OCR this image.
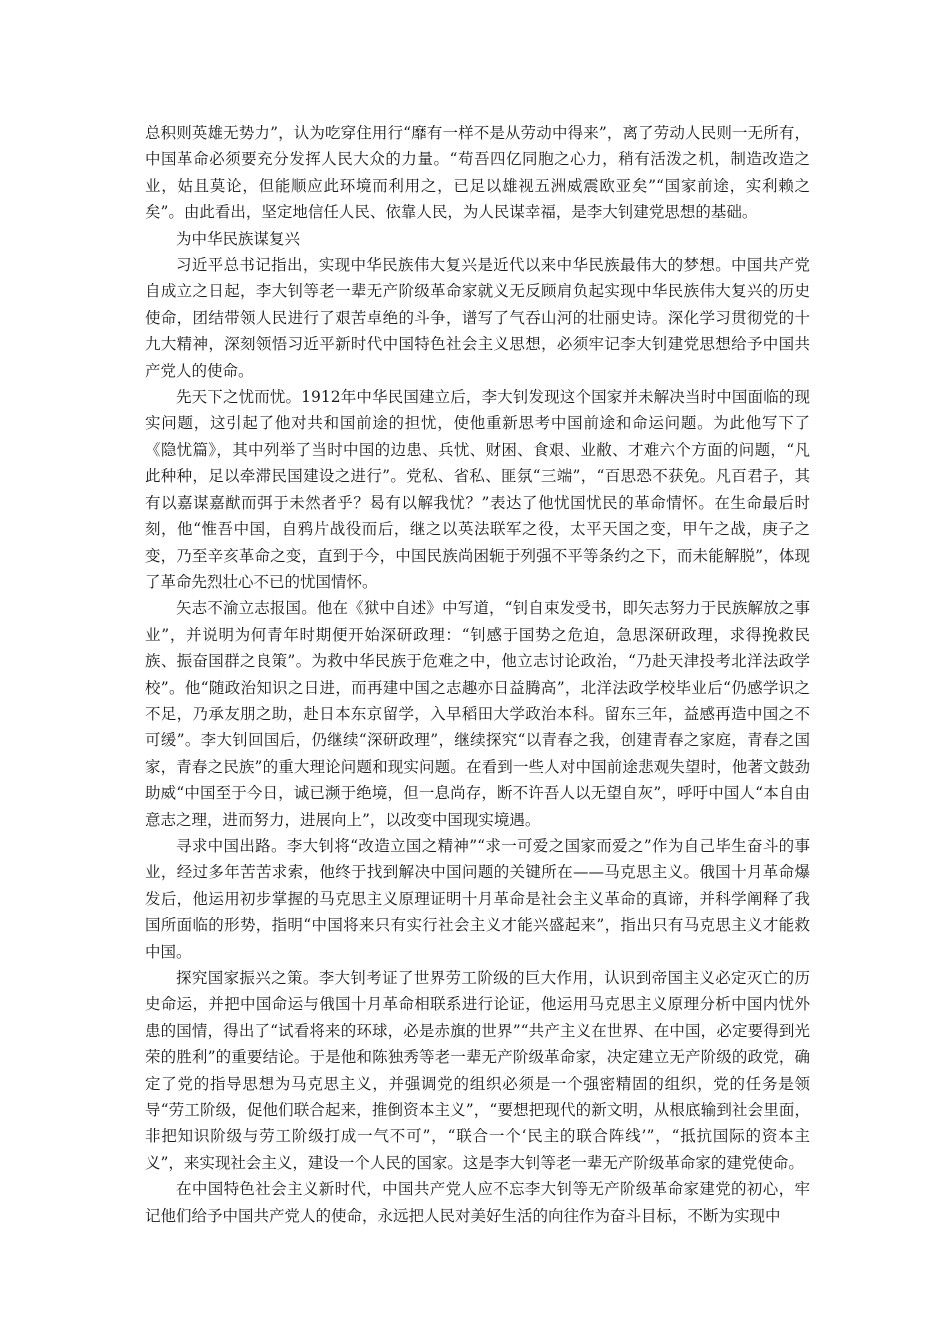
总积则英雄无势力”，认为吃穿住用行“靡有一样不是从劳动中得来”，离了劳动人民则一无所有，中国革命必须要充分发挥人民大众的力量。“苟吾四亿同胞之心力，稍有活泼之机，制造改造之业，姑且莫论，但能顺应此环境而利用之，已足以雄视五洲威震欧亚矣”“国家前途，实利赖之矣”。由此看出，坚定地信任人民、依靠人民，为人民谋幸福，是李大钊建党思想的基础。

为中华民族谋复兴

习近平总书记指出，实现中华民族伟大复兴是近代以来中华民族最伟大的梦想。中国共产党自成立之日起，李大钊等老一辈无产阶级革命家就义无反顾肩负起实现中华民族伟大复兴的历史使命，团结带领人民进行了艰苦卓绝的斗争，谱写了气吞山河的壮丽史诗。深化学习贯彻党的十九大精神，深刻领悟习近平新时代中国特色社会主义思想，必须牢记李大钊建党思想给予中国共产党人的使命。

先天下之忧而忧。1912年中华民国建立后，李大钊发现这个国家并未解决当时中国面临的现实问题，这引起了他对共和国前途的担忧，使他重新思考中国前途和命运问题。为此他写下了《隐忧篇》，其中列举了当时中国的边患、兵忧、财困、食艰、业敝、才难六个方面的问题，“凡此种种，足以牵滞民国建设之进行”。党私、省私、匪氛“三端”，“百思恐不获免。凡百君子，其有以嘉谋嘉猷而弭于未然者乎？曷有以解我忧？”表达了他忧国忧民的革命情怀。在生命最后时刻，他“惟吾中国，自鸦片战役而后，继之以英法联军之役，太平天国之变，甲午之战，庚子之变，乃至辛亥革命之变，直到于今，中国民族尚困轭于列强不平等条约之下，而未能解脱”，体现了革命先烈壮心不已的忧国情怀。

矢志不渝立志报国。他在《狱中自述》中写道，“钊自束发受书，即矢志努力于民族解放之事业”，并说明为何青年时期便开始深研政理：“钊感于国势之危迫，急思深研政理，求得挽救民族、振奋国群之良策”。为救中华民族于危难之中，他立志讨论政治，“乃赴天津投考北洋法政学校”。他“随政治知识之日进，而再建中国之志趣亦日益腾高”，北洋法政学校毕业后“仍感学识之不足，乃承友朋之助，赴日本东京留学，入早稻田大学政治本科。留东三年，益感再造中国之不可缓”。李大钊回国后，仍继续“深研政理”，继续探究“以青春之我，创建青春之家庭，青春之国家，青春之民族”的重大理论问题和现实问题。在看到一些人对中国前途悲观失望时，他著文鼓劲助威“中国至于今日，诚已濒于绝境，但一息尚存，断不许吾人以无望自灰”，呼吁中国人“本自由意志之理，进而努力，进展向上”，以改变中国现实境遇。

寻求中国出路。李大钊将“改造立国之精神”“求一可爱之国家而爱之”作为自己毕生奋斗的事业，经过多年苦苦求索，他终于找到解决中国问题的关键所在——马克思主义。俄国十月革命爆发后，他运用初步掌握的马克思主义原理证明十月革命是社会主义革命的真谛，并科学阐释了我国所面临的形势，指明“中国将来只有实行社会主义才能兴盛起来”，指出只有马克思主义才能救中国。

探究国家振兴之策。李大钊考证了世界劳工阶级的巨大作用，认识到帝国主义必定灭亡的历史命运，并把中国命运与俄国十月革命相联系进行论证，他运用马克思主义原理分析中国内忧外患的国情，得出了“试看将来的环球，必是赤旗的世界”“共产主义在世界、在中国，必定要得到光荣的胜利”的重要结论。于是他和陈独秀等老一辈无产阶级革命家，决定建立无产阶级的政党，确定了党的指导思想为马克思主义，并强调党的组织必须是一个强密精固的组织，党的任务是领导“劳工阶级，促他们联合起来，推倒资本主义”，“要想把现代的新文明，从根底输到社会里面，非把知识阶级与劳工阶级打成一气不可”，“联合一个‘民主的联合阵线’”，“抵抗国际的资本主义”，来实现社会主义，建设一个人民的国家。这是李大钊等老一辈无产阶级革命家的建党使命。

在中国特色社会主义新时代，中国共产党人应不忘李大钊等无产阶级革命家建党的初心，牢记他们给予中国共产党人的使命，永远把人民对美好生活的向往作为奋斗目标，不断为实现中
